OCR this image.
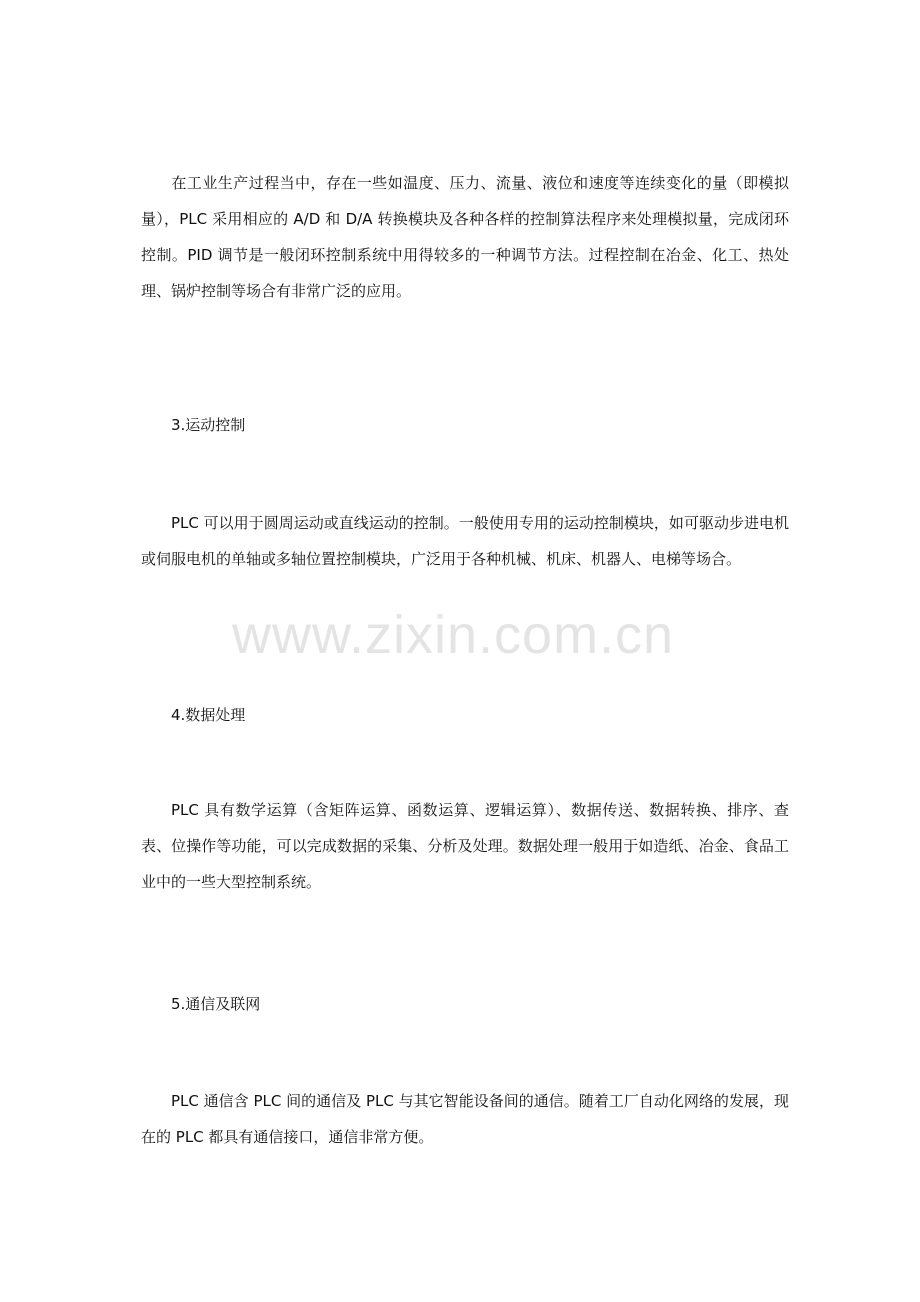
在工业生产过程当中，存在一些如温度、压力、流量、液位和速度等连续变化的量（即模拟量），PLC 采用相应的 A/D 和 D/A 转换模块及各种各样的控制算法程序来处理模拟量，完成闭环控制。PID 调节是一般闭环控制系统中用得较多的一种调节方法。过程控制在冶金、化工、热处理、锅炉控制等场合有非常广泛的应用。

3.运动控制

PLC 可以用于圆周运动或直线运动的控制。一般使用专用的运动控制模块，如可驱动步进电机或伺服电机的单轴或多轴位置控制模块，广泛用于各种机械、机床、机器人、电梯等场合。

4.数据处理

PLC 具有数学运算（含矩阵运算、函数运算、逻辑运算）、数据传送、数据转换、排序、查表、位操作等功能，可以完成数据的采集、分析及处理。数据处理一般用于如造纸、冶金、食品工业中的一些大型控制系统。

5.通信及联网

PLC 通信含 PLC 间的通信及 PLC 与其它智能设备间的通信。随着工厂自动化网络的发展，现在的 PLC 都具有通信接口，通信非常方便。

www.zixin.com.cn
